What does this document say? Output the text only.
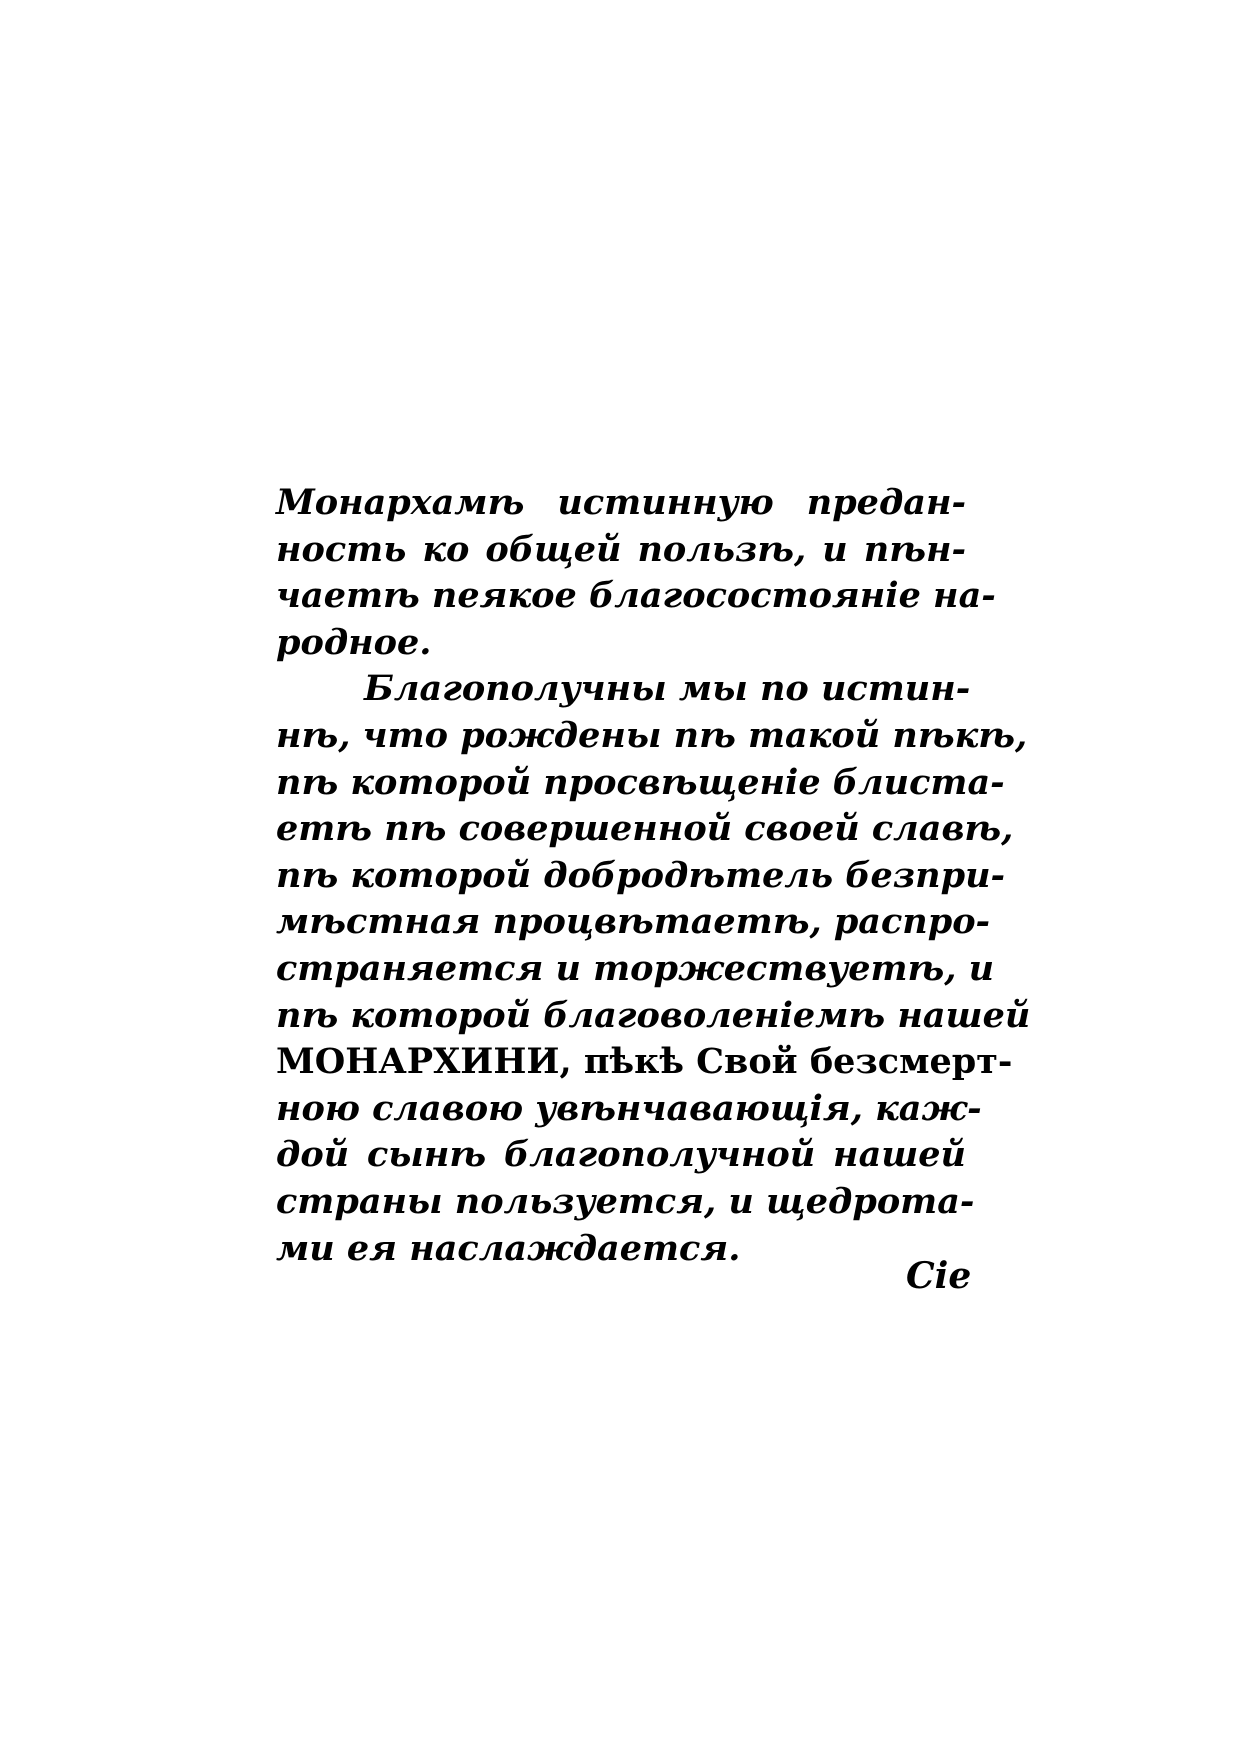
Монархамѣ истинную предан-
ность ко общей пользѣ, и пѣн-
чаетѣ пеякое благосостояніе на-
родное.
Благополучны мы по истин-
нѣ, что рождены пѣ такой пѣкѣ,
пѣ которой просвѣщеніе блиста-
етѣ пѣ совершенной своей славѣ,
пѣ которой добродѣтель безпри-
мѣстная процвѣтаетѣ, распро-
страняется и торжествуетѣ, и
пѣ которой благоволеніемѣ нашей
МОНАРХИНИ, пѣкѣ Свой безсмерт-
ною славою увѣнчавающія, каж-
дой сынѣ благополучной нашей
страны пользуется, и щедрота-
ми ея наслаждается.
Сіе
